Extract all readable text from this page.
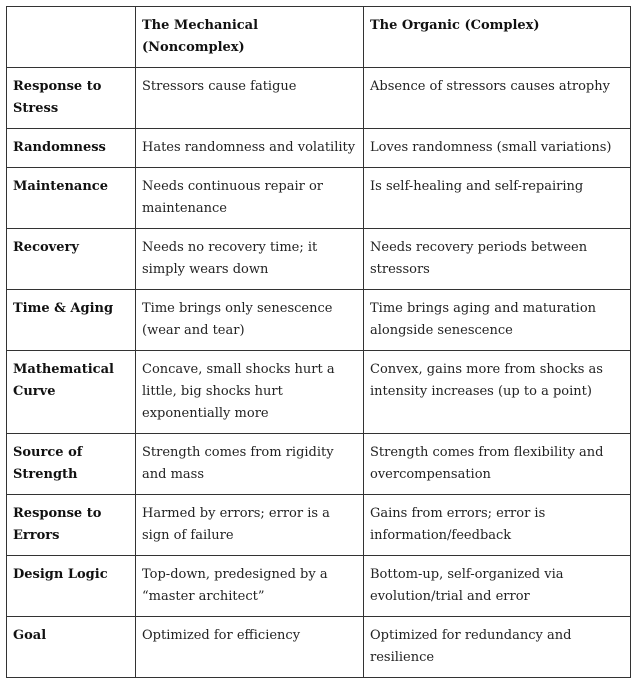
	The Mechanical (Noncomplex)	The Organic (Complex)
Response to Stress	Stressors cause fatigue	Absence of stressors causes atrophy
Randomness	Hates randomness and volatility	Loves randomness (small variations)
Maintenance	Needs continuous repair or maintenance	Is self-healing and self-repairing
Recovery	Needs no recovery time; it simply wears down	Needs recovery periods between stressors
Time & Aging	Time brings only senescence (wear and tear)	Time brings aging and maturation alongside senescence
Mathematical Curve	Concave, small shocks hurt a little, big shocks hurt exponentially more	Convex, gains more from shocks as intensity increases (up to a point)
Source of Strength	Strength comes from rigidity and mass	Strength comes from flexibility and overcompensation
Response to Errors	Harmed by errors; error is a sign of failure	Gains from errors; error is information/feedback
Design Logic	Top-down, predesigned by a “master architect”	Bottom-up, self-organized via evolution/trial and error
Goal	Optimized for efficiency	Optimized for redundancy and resilience
